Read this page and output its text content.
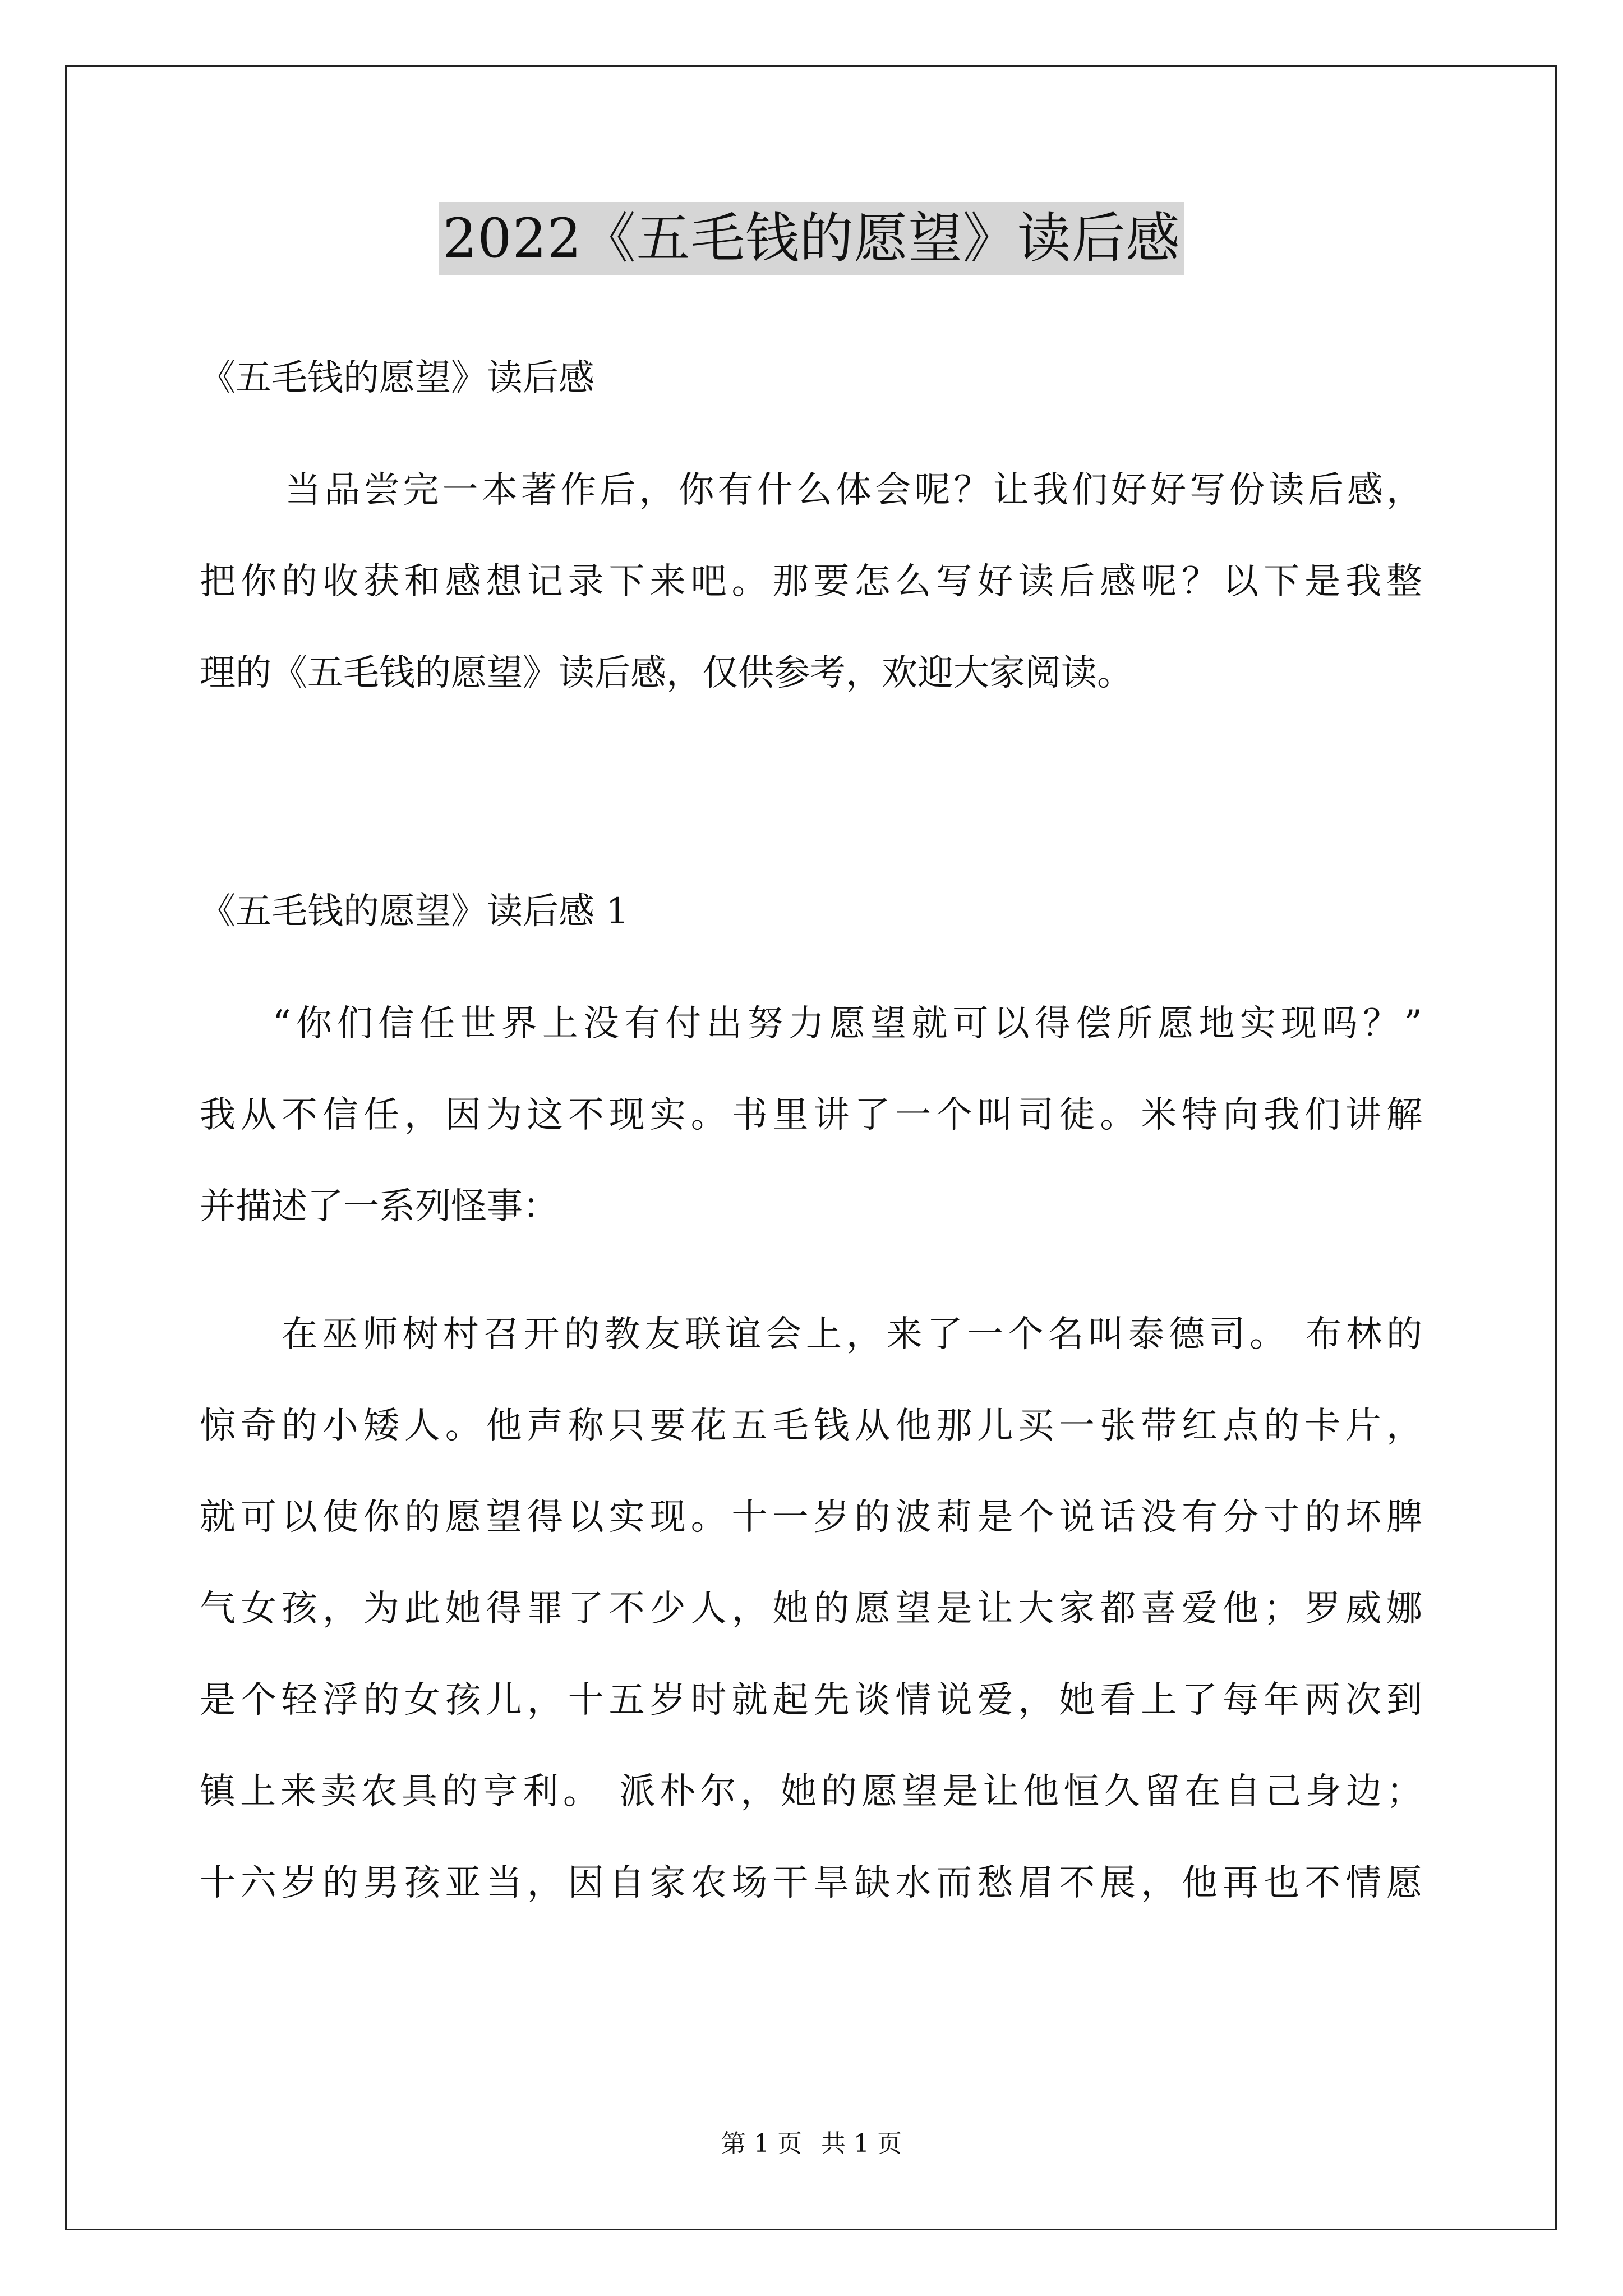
2022《五毛钱的愿望》读后感
《五毛钱的愿望》读后感
当品尝完一本著作后，你有什么体会呢？让我们好好写份读后感，
把你的收获和感想记录下来吧。那要怎么写好读后感呢？以下是我整
理的《五毛钱的愿望》读后感，仅供参考，欢迎大家阅读。
《五毛钱的愿望》读后感 1
“你们信任世界上没有付出努力愿望就可以得偿所愿地实现吗？”
我从不信任，因为这不现实。书里讲了一个叫司徒。米特向我们讲解
并描述了一系列怪事：
在巫师树村召开的教友联谊会上，来了一个名叫泰德司。 布林的
惊奇的小矮人。他声称只要花五毛钱从他那儿买一张带红点的卡片，
就可以使你的愿望得以实现。十一岁的波莉是个说话没有分寸的坏脾
气女孩，为此她得罪了不少人，她的愿望是让大家都喜爱他；罗威娜
是个轻浮的女孩儿，十五岁时就起先谈情说爱，她看上了每年两次到
镇上来卖农具的亨利。 派朴尔，她的愿望是让他恒久留在自己身边；
十六岁的男孩亚当，因自家农场干旱缺水而愁眉不展，他再也不情愿
第 1 页 共 1 页
